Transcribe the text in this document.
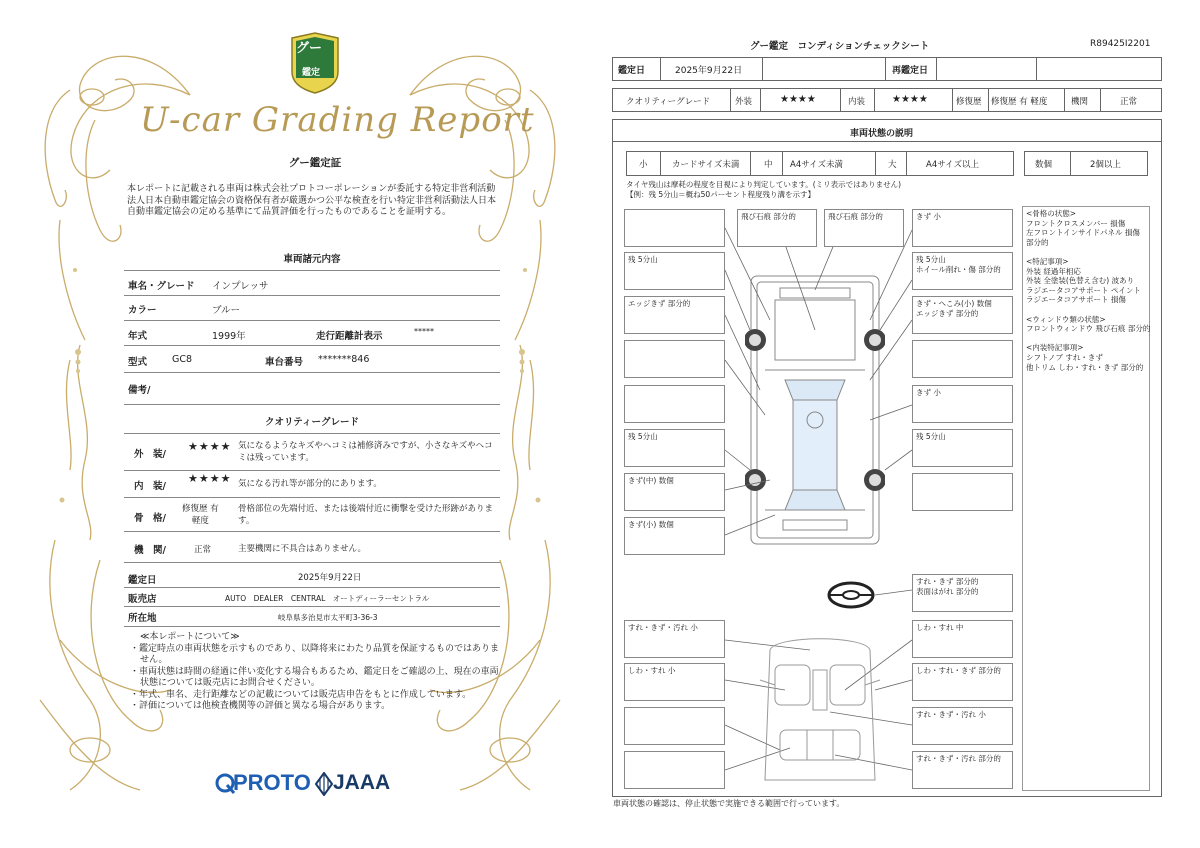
グー
鑑定
U-car Grading Report
グー鑑定証
本レポートに記載される車両は株式会社プロトコーポレーションが委託する特定非営利活動法人日本自動車鑑定協会の資格保有者が厳選かつ公平な検査を行い特定非営利活動法人日本自動車鑑定協会の定める基準にて品質評価を行ったものであることを証明する。
車両諸元内容
車名・グレード インプレッサ
カラー	ブルー
年式	1999年	走行距離計表示	*****
型式	GC8	車台番号 *******846
備考/
クオリティーグレード
外　装/
★★★★ 気になるようなキズやヘコミは補修済みですが、小さなキズやヘコミは残っています。
内　装/
★★★★ 気になる汚れ等が部分的にあります。
骨　格/
修復歴 有
軽度
骨格部位の先端付近、または後端付近に衝撃を受けた形跡があります。
機　関/	正常	主要機関に不具合はありません。
鑑定日	2025年9月22日
販売店	AUTO　DEALER　CENTRAL　オートディーラーセントラル
所在地	岐阜県多治見市太平町3-36-3
≪本レポートについて≫
・鑑定時点の車両状態を示すものであり、以降将来にわたり品質を保証するものではありません。
・車両状態は時間の経過に伴い変化する場合もあるため、鑑定日をご確認の上、現在の車両状態については販売店にお問合せください。
・年式、車名、走行距離などの記載については販売店申告をもとに作成しています。
・評価については他検査機関等の評価と異なる場合があります。
PROTO JAAA
グー鑑定　コンディションチェックシート	R89425I2201
鑑定日	2025年9月22日	再鑑定日
クオリティーグレード	外装	★★★★	内装	★★★★	修復歴 修復歴 有 軽度	機関	正常
車両状態の説明
小	カードサイズ未満	中 A4サイズ未満	大	A4サイズ以上	数個	2個以上
タイヤ残山は摩耗の程度を目視により判定しています。(ミリ表示ではありません)
【例：残 5分山＝概ね50パーセント程度残り溝を示す】
飛び石痕 部分的	飛び石痕 部分的	きず 小
残 5分山	残 5分山
ホイール削れ・傷 部分的
エッジきず 部分的	きず・へこみ(小) 数個
エッジきず 部分的
きず 小
残 5分山	残 5分山
きず(中) 数個
きず(小) 数個
すれ・きず 部分的
表面はがれ 部分的
すれ・きず・汚れ 小	しわ・すれ 中
しわ・すれ 小	しわ・すれ・きず 部分的
すれ・きず・汚れ 小
すれ・きず・汚れ 部分的
車両状態の確認は、停止状態で実施できる範囲で行っています。
<骨格の状態>
フロントクロスメンバー 損傷
左フロントインサイドパネル 損傷
部分的
<特記事項>
外装 経過年相応
外装 全塗装(色替え含む) 波あり
ラジエータコアサポート ペイント
ラジエータコアサポート 損傷
<ウィンドウ類の状態>
フロントウィンドウ 飛び石痕 部分的
<内装特記事項>
シフトノブ すれ・きず
他トリム しわ・すれ・きず 部分的
